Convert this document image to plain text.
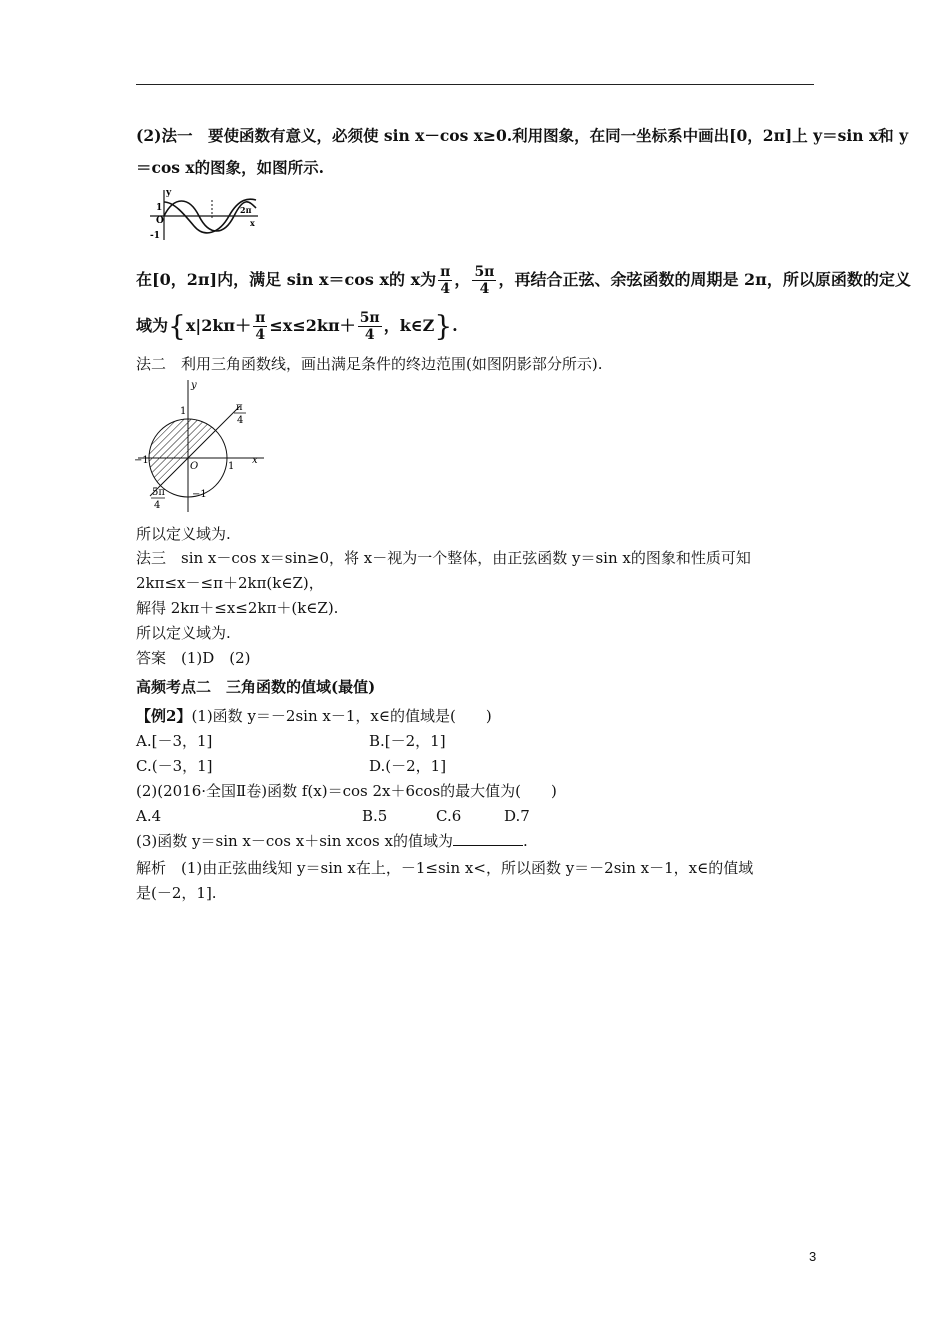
(2)法一　要使函数有意义，必须使 sin x－cos x≥0.利用图象，在同一坐标系中画出[0，2π]上 y＝sin x和 y
＝cos x的图象，如图所示.
y
O
1
-1
2π
x
在[0，2π]内，满足 sin x＝cos x的 x为 $\frac{\pi}{4}$ ， $\frac{5\pi}{4}$ ，再结合正弦、余弦函数的周期是 2π，所以原函数的定义
域为{$x|2k\pi+ \frac{\pi}{4} \le x\le 2k\pi+ \frac{5\pi}{4}$ ，k∈Z}.
法二　利用三角函数线，画出满足条件的终边范围(如图阴影部分所示).
y
x
O
1
1
−1
−1
π
4
5π
4
所以定义域为.
法三　sin x－cos x＝sin≥0，将 x－视为一个整体，由正弦函数 y＝sin x的图象和性质可知
2kπ≤x－≤π＋2kπ(k∈Z)，
解得 2kπ＋≤x≤2kπ＋(k∈Z).
所以定义域为.
答案　(1)D　(2)
高频考点二　三角函数的值域(最值)
【例2】(1)函数 y＝－2sin x－1，x∈的值域是(　　)
A.[－3，1]	B.[－2，1]
C.(－3，1]	D.(－2，1]
(2)(2016·全国Ⅱ卷)函数 f(x)＝cos 2x＋6cos的最大值为(　　)
A.4	B.5	C.6	D.7
(3)函数 y＝sin x－cos x＋sin xcos x的值域为	.
解析　(1)由正弦曲线知 y＝sin x在上，－1≤sin x<，所以函数 y＝－2sin x－1，x∈的值域
是(－2，1].
3
